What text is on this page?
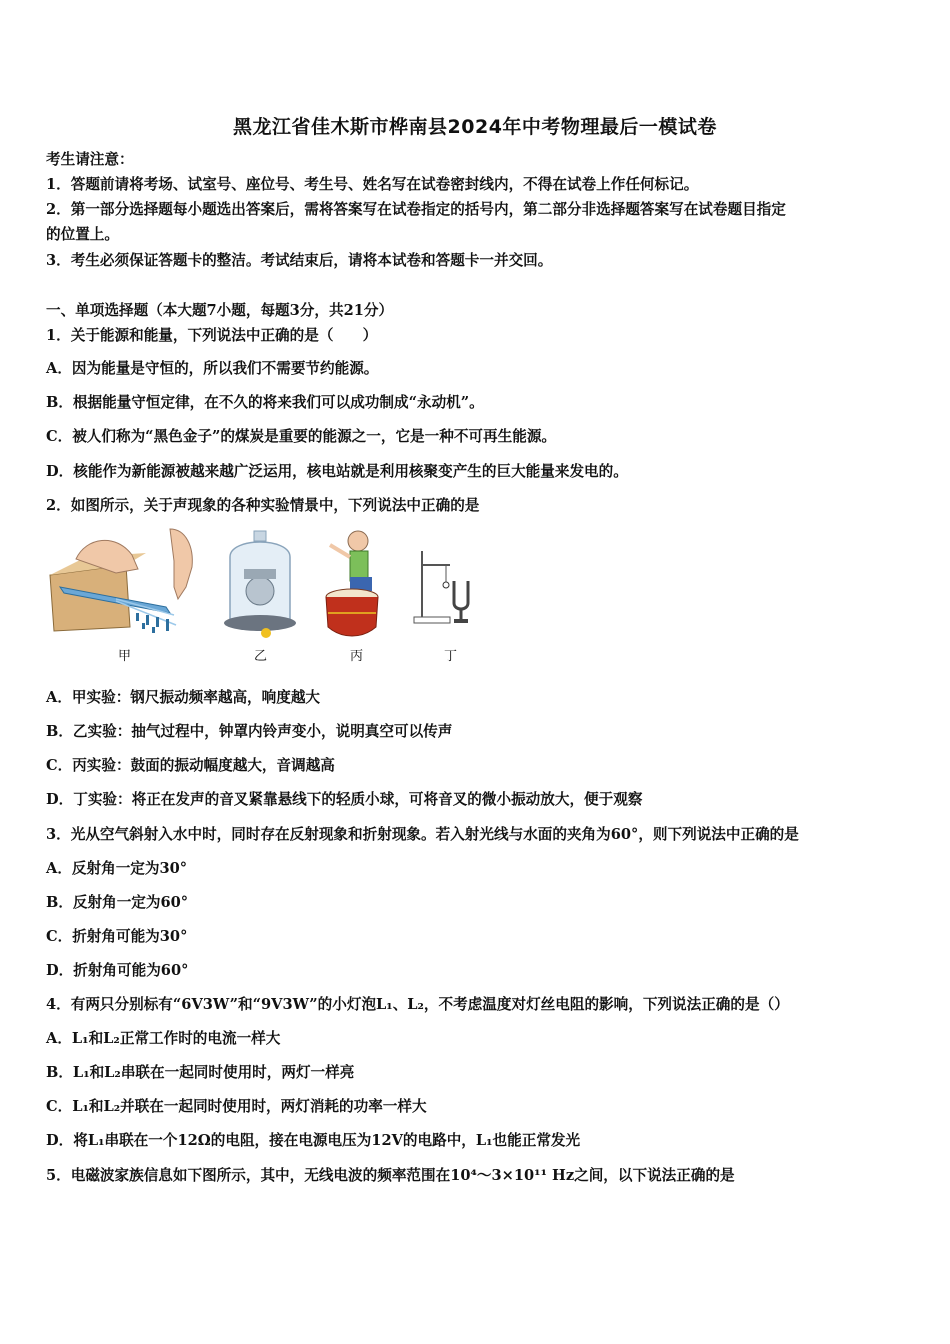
黑龙江省佳木斯市桦南县2024年中考物理最后一模试卷
考生请注意：
1．答题前请将考场、试室号、座位号、考生号、姓名写在试卷密封线内，不得在试卷上作任何标记。
2．第一部分选择题每小题选出答案后，需将答案写在试卷指定的括号内，第二部分非选择题答案写在试卷题目指定
的位置上。
3．考生必须保证答题卡的整洁。考试结束后，请将本试卷和答题卡一并交回。
一、单项选择题（本大题7小题，每题3分，共21分）
1．关于能源和能量，下列说法中正确的是（　　）
A．因为能量是守恒的，所以我们不需要节约能源。
B．根据能量守恒定律，在不久的将来我们可以成功制成“永动机”。
C．被人们称为“黑色金子”的煤炭是重要的能源之一，它是一种不可再生能源。
D．核能作为新能源被越来越广泛运用，核电站就是利用核聚变产生的巨大能量来发电的。
2．如图所示，关于声现象的各种实验情景中，下列说法中正确的是
甲	乙	丙	丁
A．甲实验：钢尺振动频率越高，响度越大
B．乙实验：抽气过程中，钟罩内铃声变小，说明真空可以传声
C．丙实验：鼓面的振动幅度越大，音调越高
D．丁实验：将正在发声的音叉紧靠悬线下的轻质小球，可将音叉的微小振动放大，便于观察
3．光从空气斜射入水中时，同时存在反射现象和折射现象。若入射光线与水面的夹角为60°，则下列说法中正确的是
A．反射角一定为30°
B．反射角一定为60°
C．折射角可能为30°
D．折射角可能为60°
4．有两只分别标有“6V3W”和“9V3W”的小灯泡L₁、L₂，不考虑温度对灯丝电阻的影响，下列说法正确的是（）
A．L₁和L₂正常工作时的电流一样大
B．L₁和L₂串联在一起同时使用时，两灯一样亮
C．L₁和L₂并联在一起同时使用时，两灯消耗的功率一样大
D．将L₁串联在一个12Ω的电阻，接在电源电压为12V的电路中，L₁也能正常发光
5．电磁波家族信息如下图所示，其中，无线电波的频率范围在10⁴～3×10¹¹ Hz之间，以下说法正确的是
